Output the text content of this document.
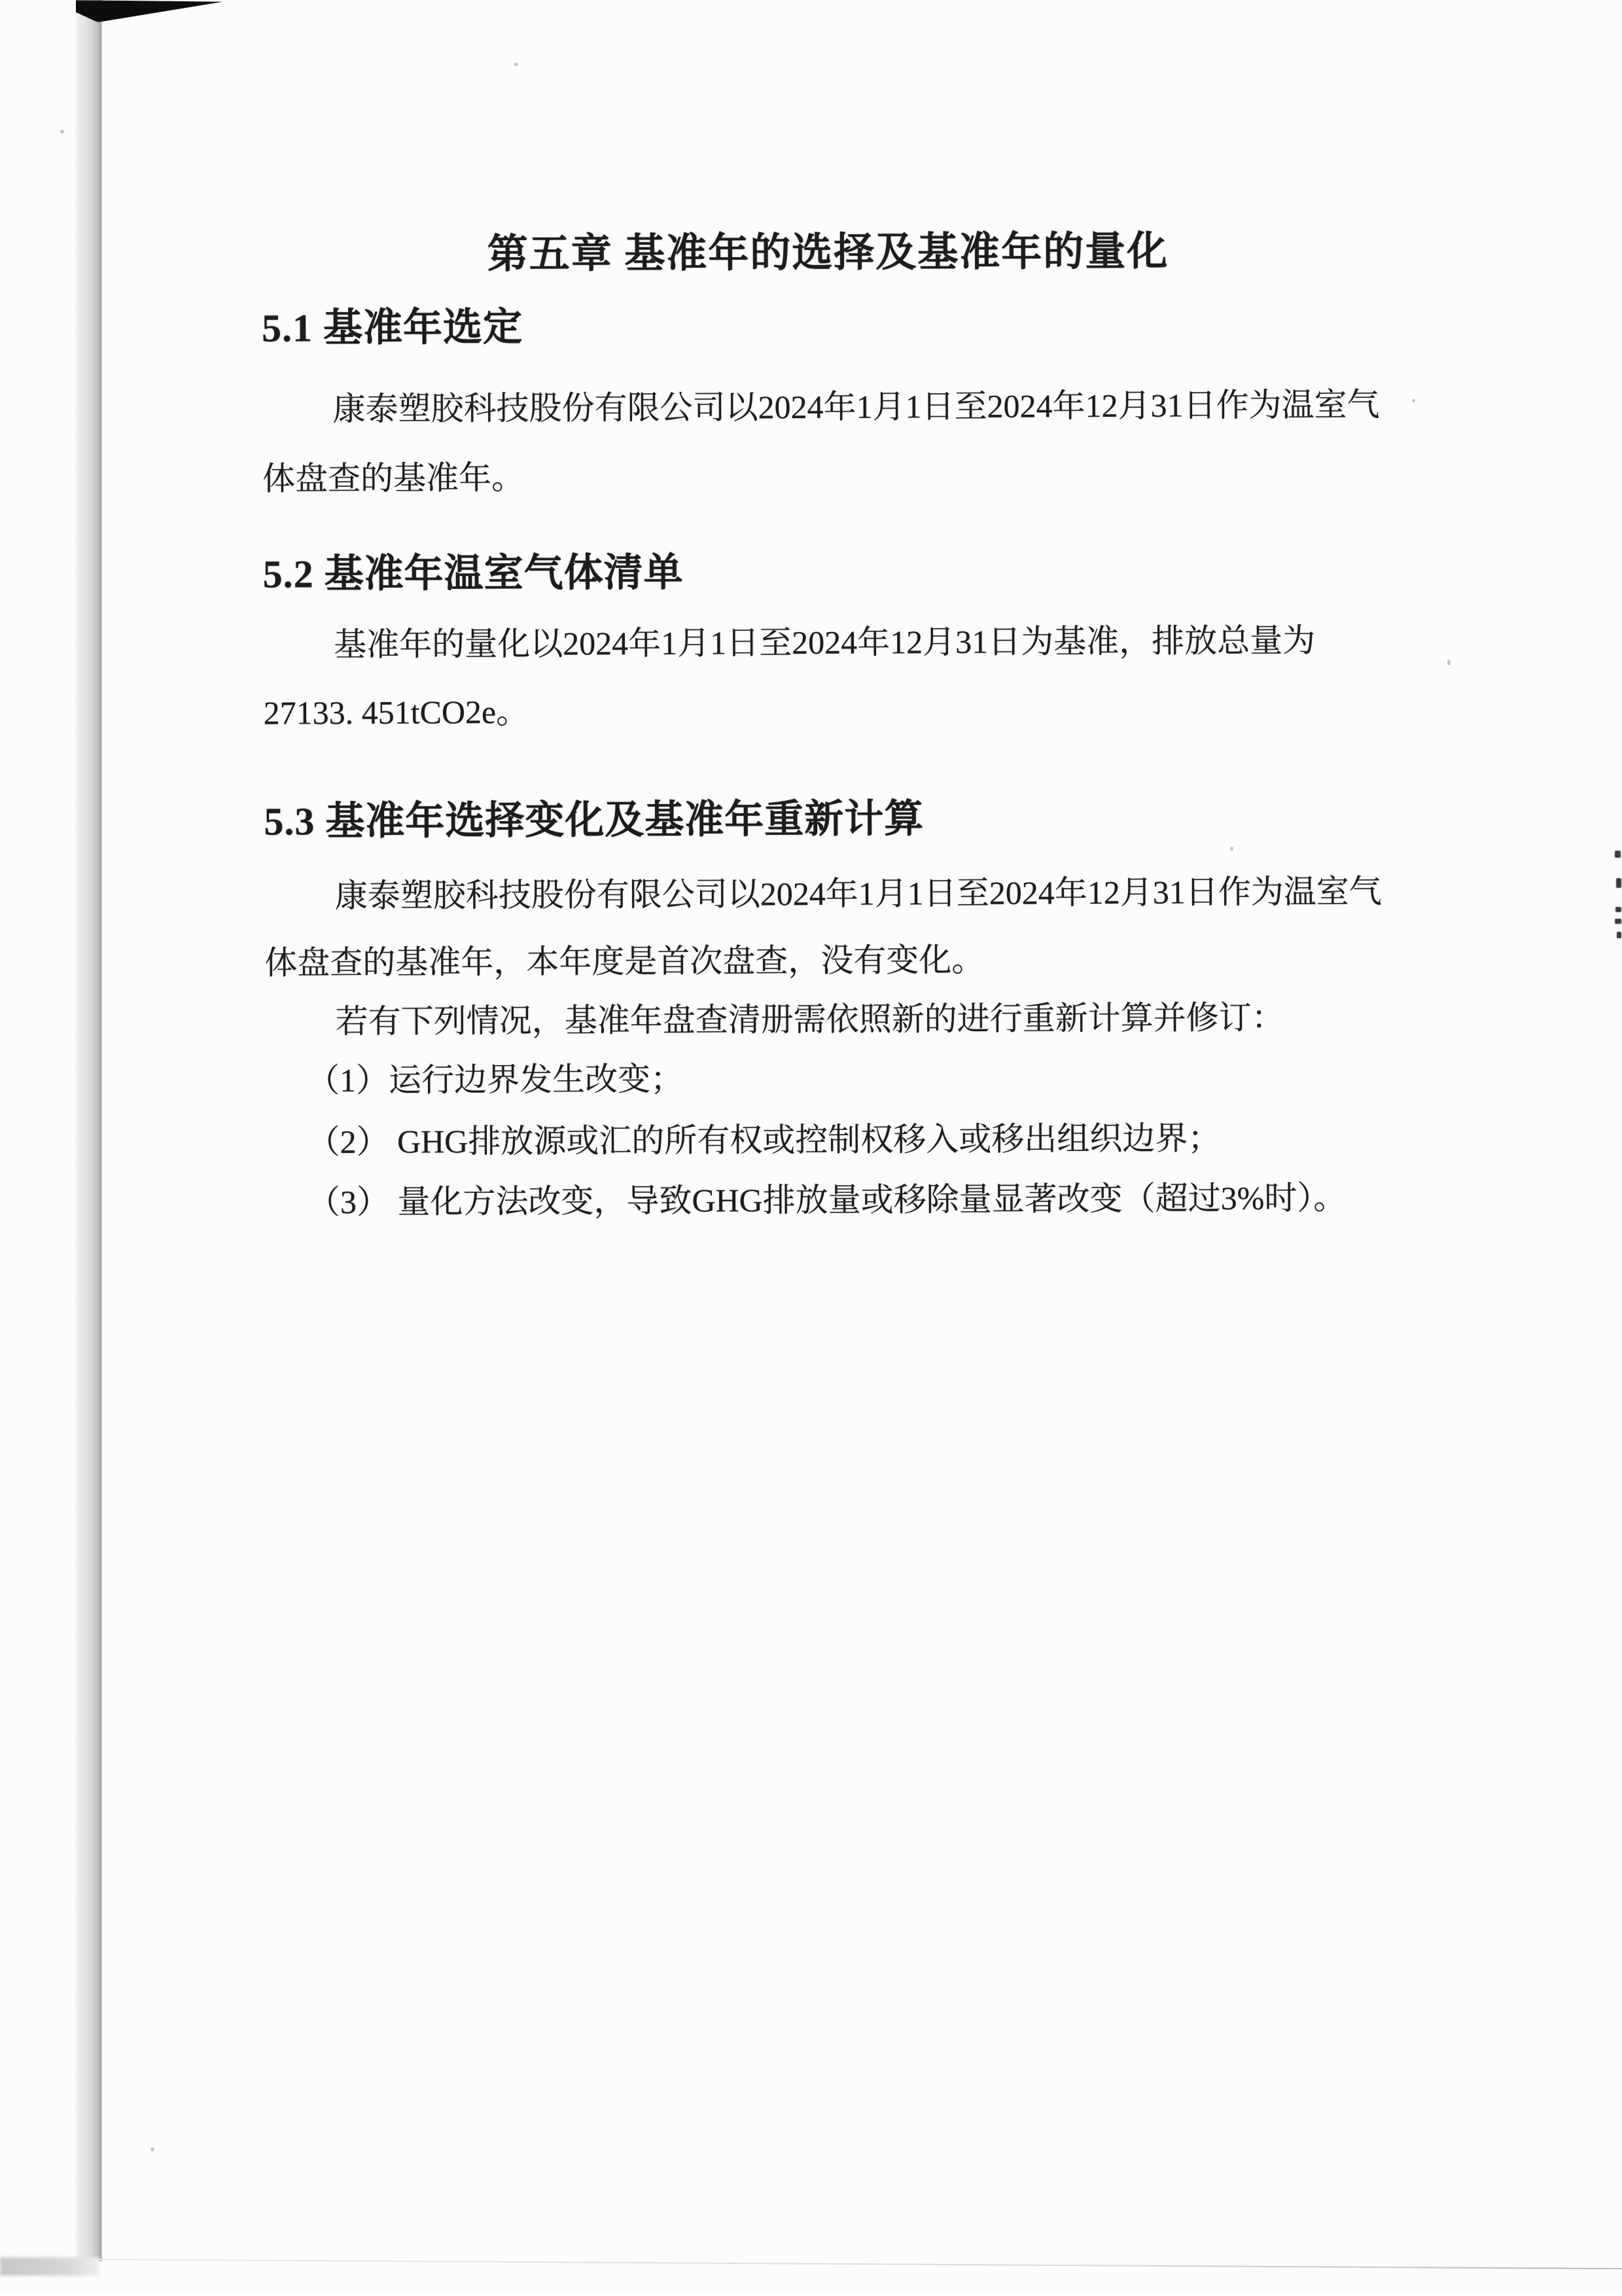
第五章 基准年的选择及基准年的量化
5.1 基准年选定
康泰塑胶科技股份有限公司以2024年1月1日至2024年12月31日作为温室气
体盘查的基准年。
5.2 基准年温室气体清单
基准年的量化以2024年1月1日至2024年12月31日为基准，排放总量为
27133. 451tCO2e。
5.3 基准年选择变化及基准年重新计算
康泰塑胶科技股份有限公司以2024年1月1日至2024年12月31日作为温室气
体盘查的基准年，本年度是首次盘查，没有变化。
若有下列情况，基准年盘查清册需依照新的进行重新计算并修订：
（1）运行边界发生改变；
（2） GHG排放源或汇的所有权或控制权移入或移出组织边界；
（3） 量化方法改变，导致GHG排放量或移除量显著改变（超过3%时）。
